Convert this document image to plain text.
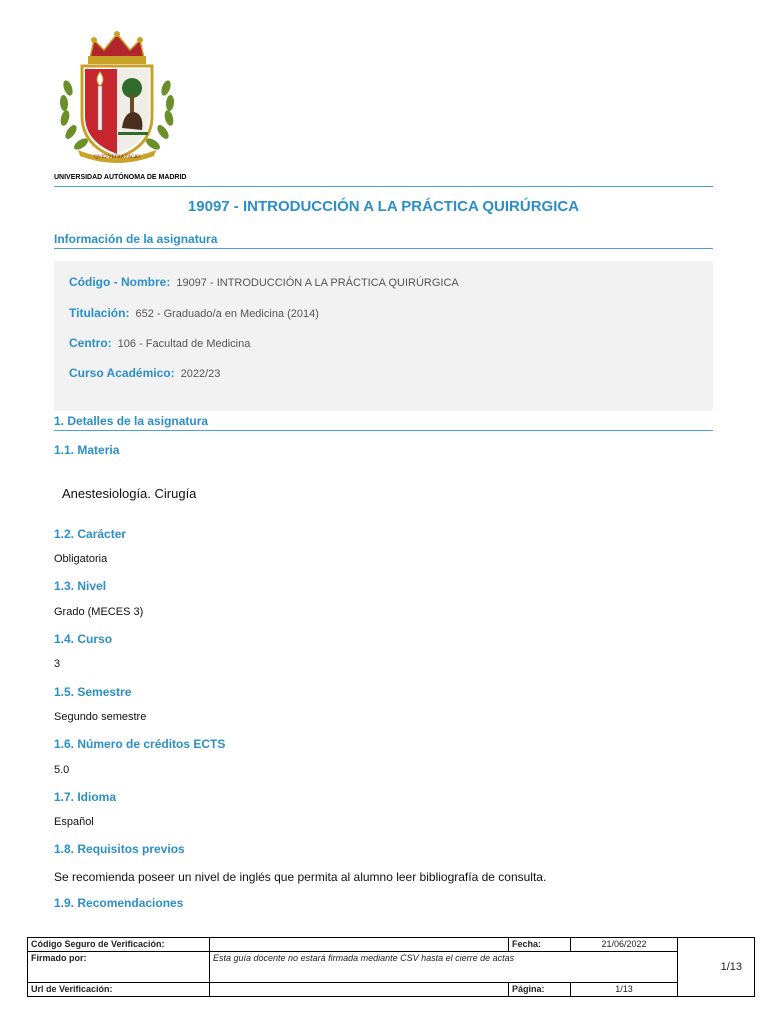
QVID VLTRA FACIO
UNIVERSIDAD AUTÓNOMA DE MADRID
19097 - INTRODUCCIÓN A LA PRÁCTICA QUIRÚRGICA
Información de la asignatura
Código - Nombre: 19097 - INTRODUCCIÓN A LA PRÁCTICA QUIRÚRGICA
Titulación: 652 - Graduado/a en Medicina (2014)
Centro: 106 - Facultad de Medicina
Curso Académico: 2022/23
1. Detalles de la asignatura
1.1. Materia
Anestesiología. Cirugía
1.2. Carácter
Obligatoria
1.3. Nivel
Grado (MECES 3)
1.4. Curso
3
1.5. Semestre
Segundo semestre
1.6. Número de créditos ECTS
5.0
1.7. Idioma
Español
1.8. Requisitos previos
Se recomienda poseer un nivel de inglés que permita al alumno leer bibliografía de consulta.
1.9. Recomendaciones
Código Seguro de Verificación:		Fecha:	21/06/2022	1/13
Firmado por:	Esta guía docente no estará firmada mediante CSV hasta el cierre de actas			
Url de Verificación:		Página:	1/13	
